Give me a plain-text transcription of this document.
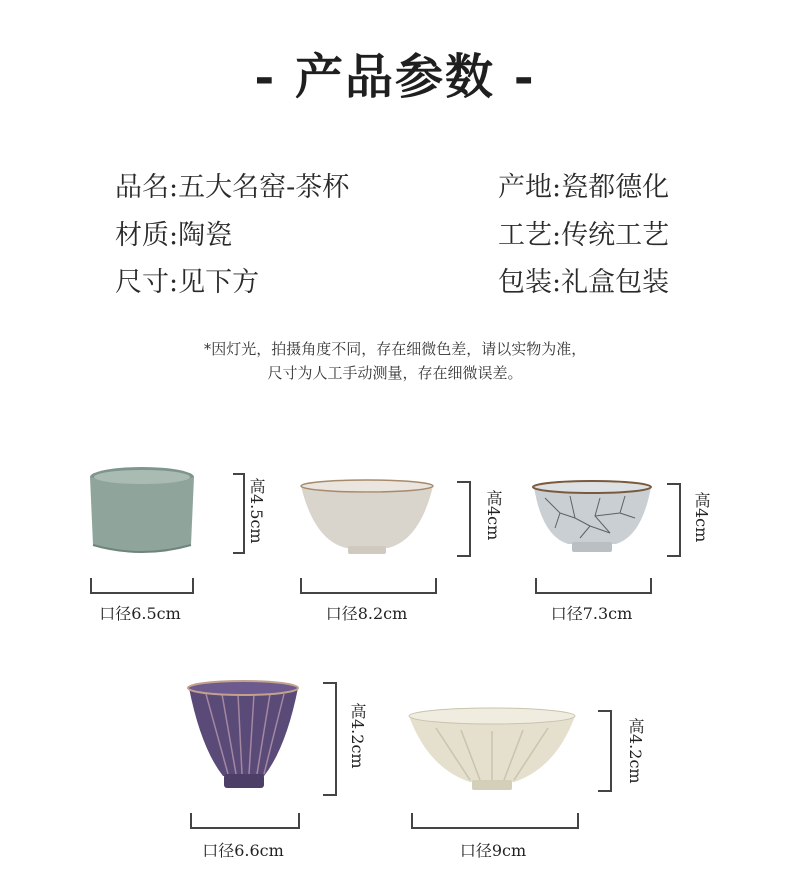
- 产品参数 -
品名:五大名窑-茶杯	产地:瓷都德化
材质:陶瓷	工艺:传统工艺
尺寸:见下方	包装:礼盒包装
*因灯光，拍摄角度不同，存在细微色差，请以实物为准，
尺寸为人工手动测量，存在细微误差。
高4.5cm
口径6.5cm
高4cm
口径8.2cm
高4cm
口径7.3cm
高4.2cm
口径6.6cm
高4.2cm
口径9cm
